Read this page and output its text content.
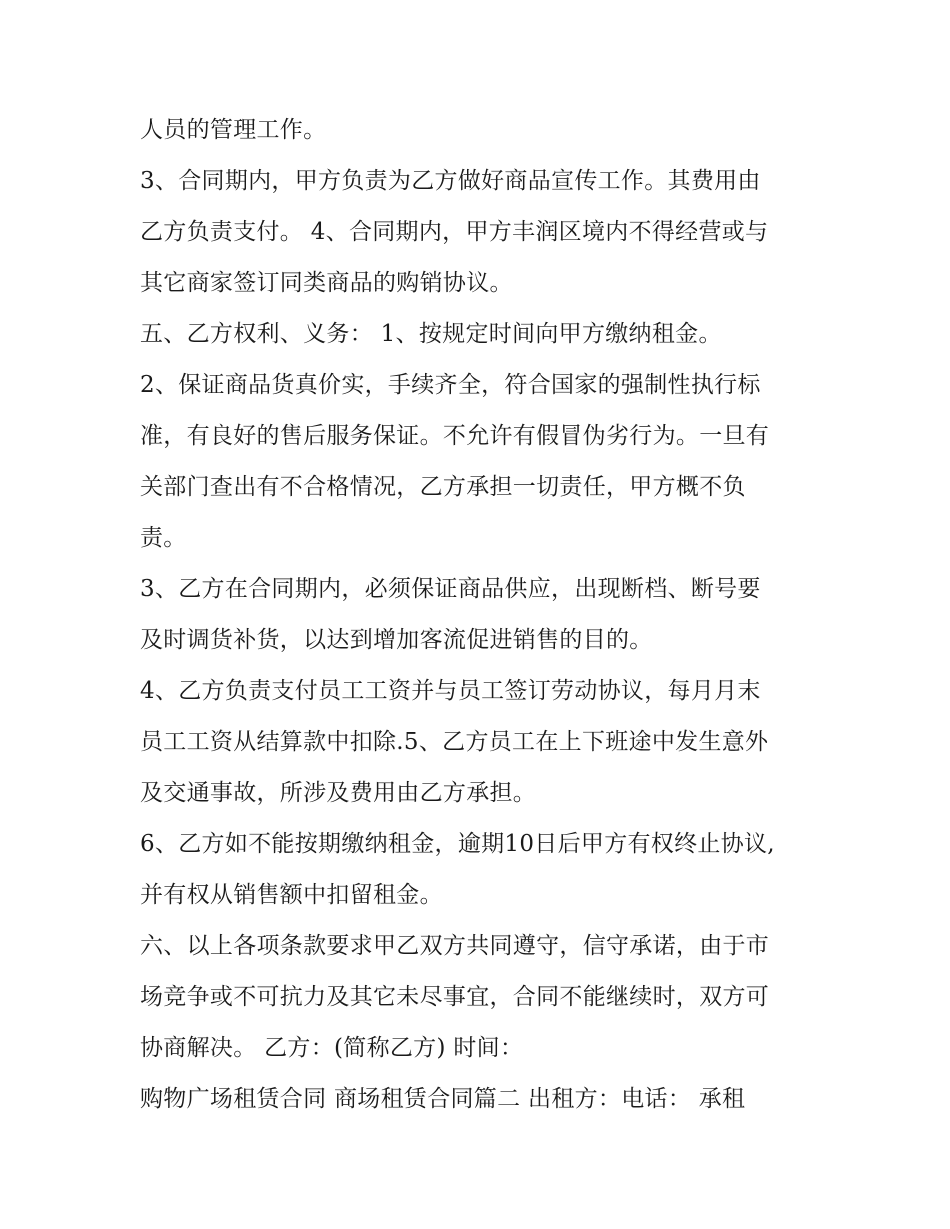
人员的管理工作。
3、合同期内，甲方负责为乙方做好商品宣传工作。其费用由
乙方负责支付。 4、合同期内，甲方丰润区境内不得经营或与
其它商家签订同类商品的购销协议。
五、乙方权利、义务： 1、按规定时间向甲方缴纳租金。
2、保证商品货真价实，手续齐全，符合国家的强制性执行标
准，有良好的售后服务保证。不允许有假冒伪劣行为。一旦有
关部门查出有不合格情况，乙方承担一切责任，甲方概不负
责。
3、乙方在合同期内，必须保证商品供应，出现断档、断号要
及时调货补货，以达到增加客流促进销售的目的。
4、乙方负责支付员工工资并与员工签订劳动协议，每月月末
员工工资从结算款中扣除.5、乙方员工在上下班途中发生意外
及交通事故，所涉及费用由乙方承担。
6、乙方如不能按期缴纳租金，逾期10日后甲方有权终止协议,
并有权从销售额中扣留租金。
六、以上各项条款要求甲乙双方共同遵守，信守承诺，由于市
场竞争或不可抗力及其它未尽事宜，合同不能继续时，双方可
协商解决。 乙方：(简称乙方) 时间：
购物广场租赁合同 商场租赁合同篇二 出租方：电话： 承租
